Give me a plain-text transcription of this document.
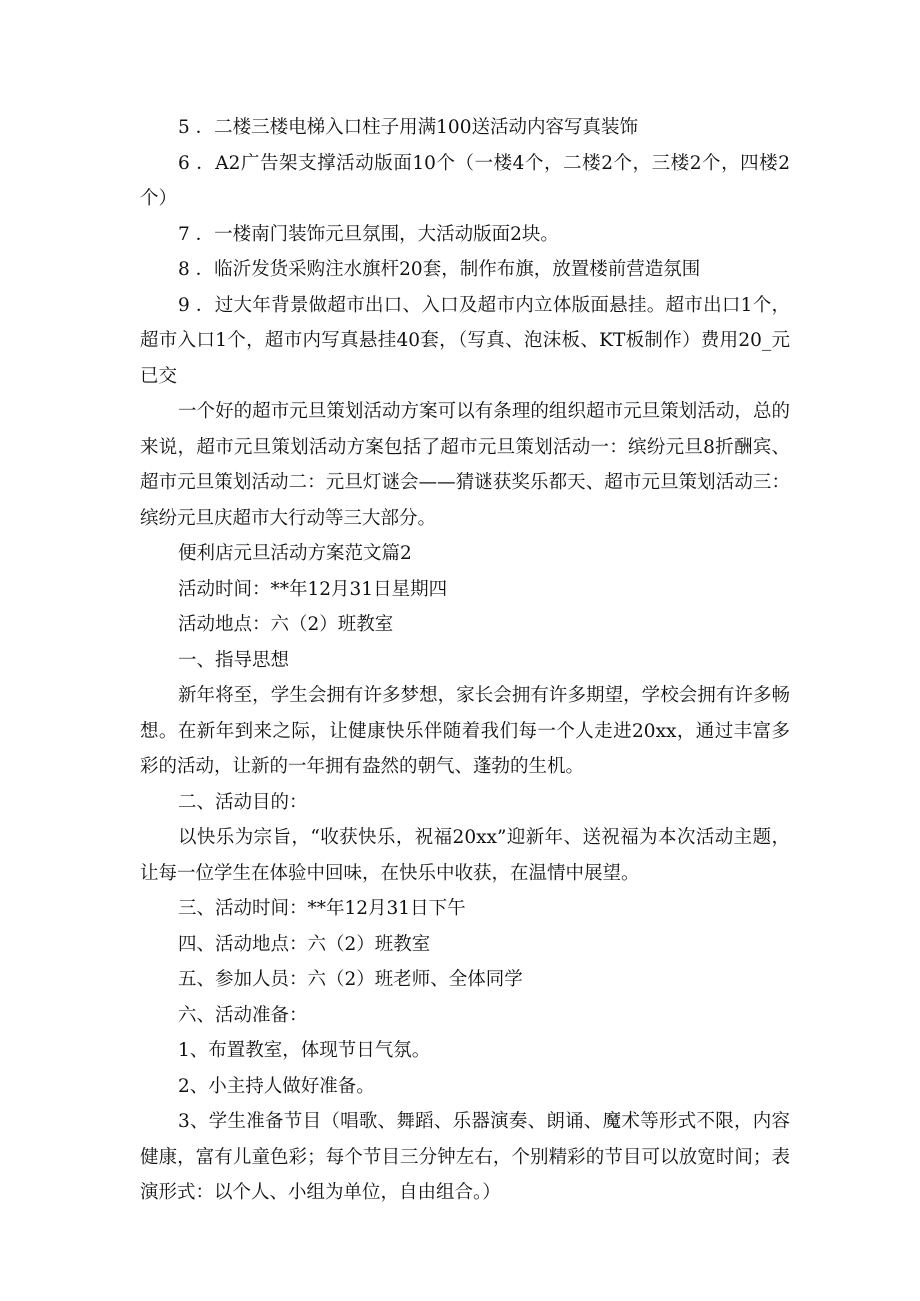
5 ．二楼三楼电梯入口柱子用满100送活动内容写真装饰

6 ．A2广告架支撑活动版面10个（一楼4个，二楼2个，三楼2个，四楼2个）

7 ．一楼南门装饰元旦氛围，大活动版面2块。

8 ．临沂发货采购注水旗杆20套，制作布旗，放置楼前营造氛围

9 ．过大年背景做超市出口、入口及超市内立体版面悬挂。超市出口1个，超市入口1个，超市内写真悬挂40套，（写真、泡沫板、KT板制作）费用20_元已交

一个好的超市元旦策划活动方案可以有条理的组织超市元旦策划活动，总的来说，超市元旦策划活动方案包括了超市元旦策划活动一：缤纷元旦8折酬宾、超市元旦策划活动二：元旦灯谜会——猜谜获奖乐都天、超市元旦策划活动三：缤纷元旦庆超市大行动等三大部分。

便利店元旦活动方案范文篇2

活动时间：**年12月31日星期四

活动地点：六（2）班教室

一、指导思想

新年将至，学生会拥有许多梦想，家长会拥有许多期望，学校会拥有许多畅想。在新年到来之际，让健康快乐伴随着我们每一个人走进20xx，通过丰富多彩的活动，让新的一年拥有盎然的朝气、蓬勃的生机。

二、活动目的：

以快乐为宗旨，“收获快乐，祝福20xx”迎新年、送祝福为本次活动主题，让每一位学生在体验中回味，在快乐中收获，在温情中展望。

三、活动时间：**年12月31日下午

四、活动地点：六（2）班教室

五、参加人员：六（2）班老师、全体同学

六、活动准备：

1、布置教室，体现节日气氛。

2、小主持人做好准备。

3、学生准备节目（唱歌、舞蹈、乐器演奏、朗诵、魔术等形式不限，内容健康，富有儿童色彩；每个节目三分钟左右，个别精彩的节目可以放宽时间；表演形式：以个人、小组为单位，自由组合。）
